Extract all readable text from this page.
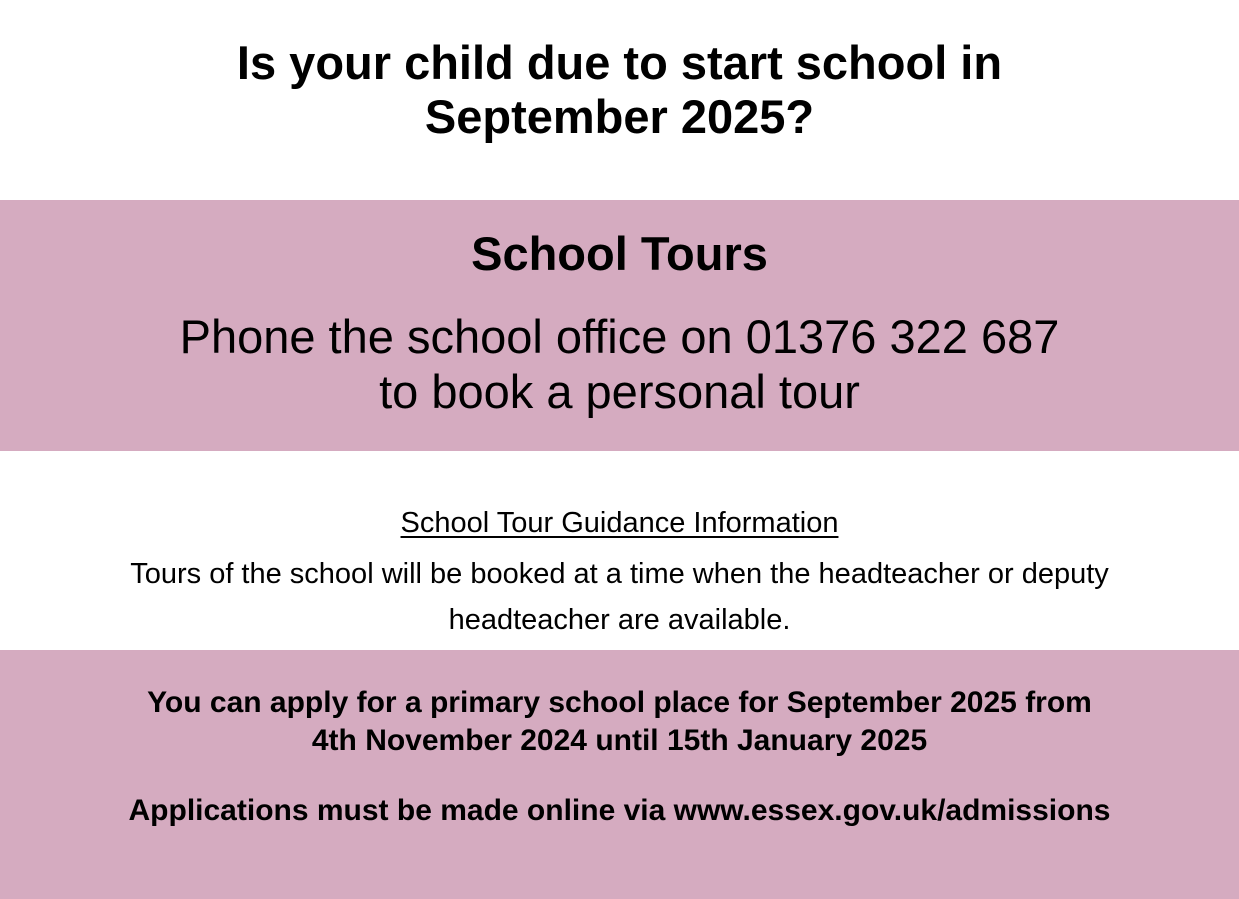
Is your child due to start school in
September 2025?
School Tours
Phone the school office on 01376 322 687
to book a personal tour
School Tour Guidance Information
Tours of the school will be booked at a time when the headteacher or deputy
headteacher are available.
You can apply for a primary school place for September 2025 from
4th November 2024 until 15th January 2025
Applications must be made online via www.essex.gov.uk/admissions
